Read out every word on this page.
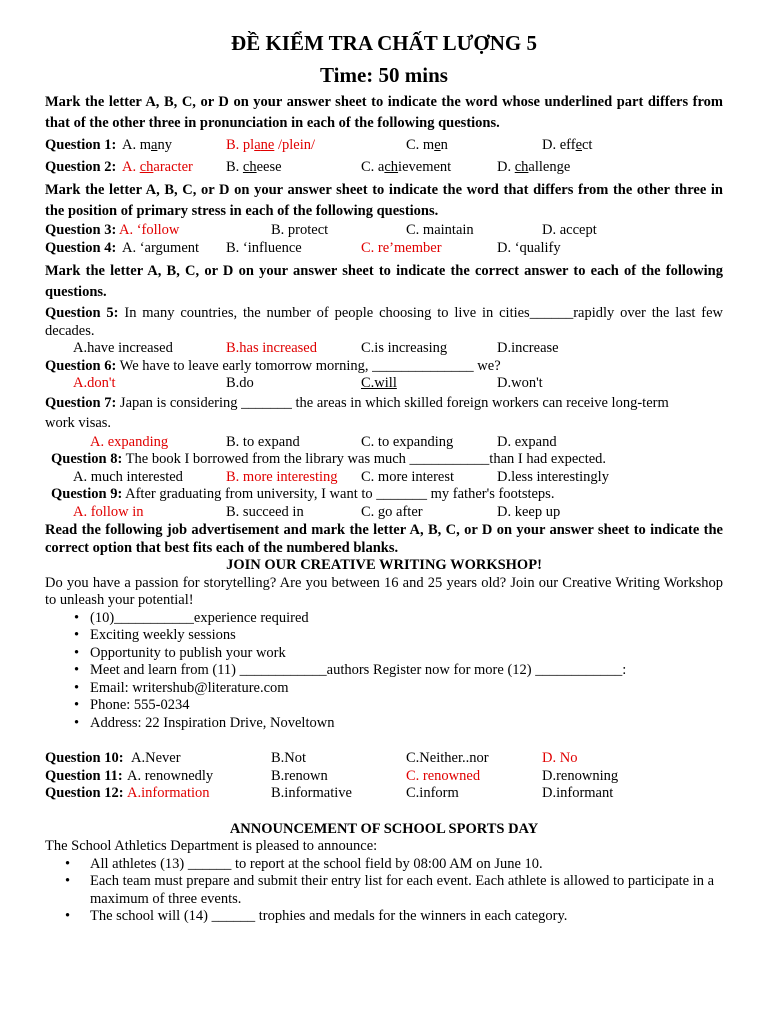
ĐỀ KIỂM TRA CHẤT LƯỢNG 5
Time: 50 mins
Mark the letter A, B, C, or D on your answer sheet to indicate the word whose underlined part differs from that of the other three in pronunciation in each of the following questions.
Question 1: A. many	B. plane /plein/	C. men	D. effect
Question 2: A. character B. cheese	C. achievement	D. challenge
Mark the letter A, B, C, or D on your answer sheet to indicate the word that differs from the other three in the position of primary stress in each of the following questions.
Question 3: A. ‘follow	B. protect	C. maintain	D. accept
Question 4: A. ‘argument B. ‘influence	C. re’member	D. ‘qualify
Mark the letter A, B, C, or D on your answer sheet to indicate the correct answer to each of the following questions.
Question 5: In many countries, the number of people choosing to live in cities______rapidly over the last few decades.
A.have increased	B.has increased	C.is increasing	D.increase
Question 6: We have to leave early tomorrow morning, ______________ we?
A.don't	B.do	C.will	D.won't
Question 7: Japan is considering _______ the areas in which skilled foreign workers can receive long-term work visas.
A. expanding	B. to expand	C. to expanding	D. expand
Question 8: The book I borrowed from the library was much ___________than I had expected.
A. much interested	B. more interesting C. more interest	D.less interestingly
Question 9: After graduating from university, I want to _______ my father's footsteps.
A. follow in	B. succeed in	C. go after	D. keep up
Read the following job advertisement and mark the letter A, B, C, or D on your answer sheet to indicate the correct option that best fits each of the numbered blanks.
JOIN OUR CREATIVE WRITING WORKSHOP!
Do you have a passion for storytelling? Are you between 16 and 25 years old? Join our Creative Writing Workshop to unleash your potential!
• (10)___________experience required
• Exciting weekly sessions
• Opportunity to publish your work
• Meet and learn from (11) ____________authors Register now for more (12) ____________:
• Email: writershub@literature.com
• Phone: 555-0234
• Address: 22 Inspiration Drive, Noveltown
Question 10: A.Never	B.Not	C.Neither..nor	D. No
Question 11: A. renownedly	B.renown	C. renowned	D.renowning
Question 12: A.information	B.informative	C.inform	D.informant
ANNOUNCEMENT OF SCHOOL SPORTS DAY
The School Athletics Department is pleased to announce:
• All athletes (13) ______ to report at the school field by 08:00 AM on June 10.
• Each team must prepare and submit their entry list for each event. Each athlete is allowed to participate in a maximum of three events.
• The school will (14) ______ trophies and medals for the winners in each category.
